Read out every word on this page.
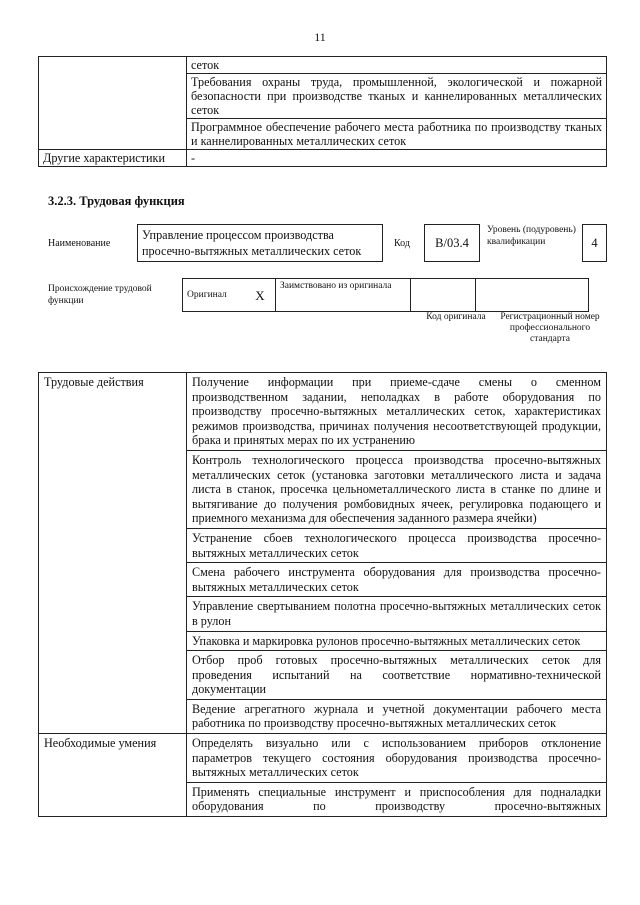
11
	сеток
	Требования охраны труда, промышленной, экологической и пожарной безопасности при производстве тканых и каннелированных металлических сеток
	Программное обеспечение рабочего места работника по производству тканых и каннелированных металлических сеток
Другие характеристики	-
3.2.3. Трудовая функция
Наименование
Управление процессом производства просечно-вытяжных металлических сеток
Код	B/03.4
Уровень (подуровень) квалификации	4
Происхождение трудовой функции
Оригинал	X	Заимствовано из оригинала		
Код оригинала	Регистрационный номер профессионального стандарта
Трудовые действия	Получение информации при приеме-сдаче смены о сменном производственном задании, неполадках в работе оборудования по производству просечно-вытяжных металлических сеток, характеристиках режимов производства, причинах получения несоответствующей продукции, брака и принятых мерах по их устранению
	Контроль технологического процесса производства просечно-вытяжных металлических сеток (установка заготовки металлического листа и задача листа в станок, просечка цельнометаллического листа в станке по длине и вытягивание до получения ромбовидных ячеек, регулировка подающего и приемного механизма для обеспечения заданного размера ячейки)
	Устранение сбоев технологического процесса производства просечно-вытяжных металлических сеток
	Смена рабочего инструмента оборудования для производства просечно-вытяжных металлических сеток
	Управление свертыванием полотна просечно-вытяжных металлических сеток в рулон
	Упаковка и маркировка рулонов просечно-вытяжных металлических сеток
	Отбор проб готовых просечно-вытяжных металлических сеток для проведения испытаний на соответствие нормативно-технической документации
	Ведение агрегатного журнала и учетной документации рабочего места работника по производству просечно-вытяжных металлических сеток
Необходимые умения	Определять визуально или с использованием приборов отклонение параметров текущего состояния оборудования производства просечно-вытяжных металлических сеток
	Применять специальные инструмент и приспособления для подналадки оборудования по производству просечно-вытяжных
